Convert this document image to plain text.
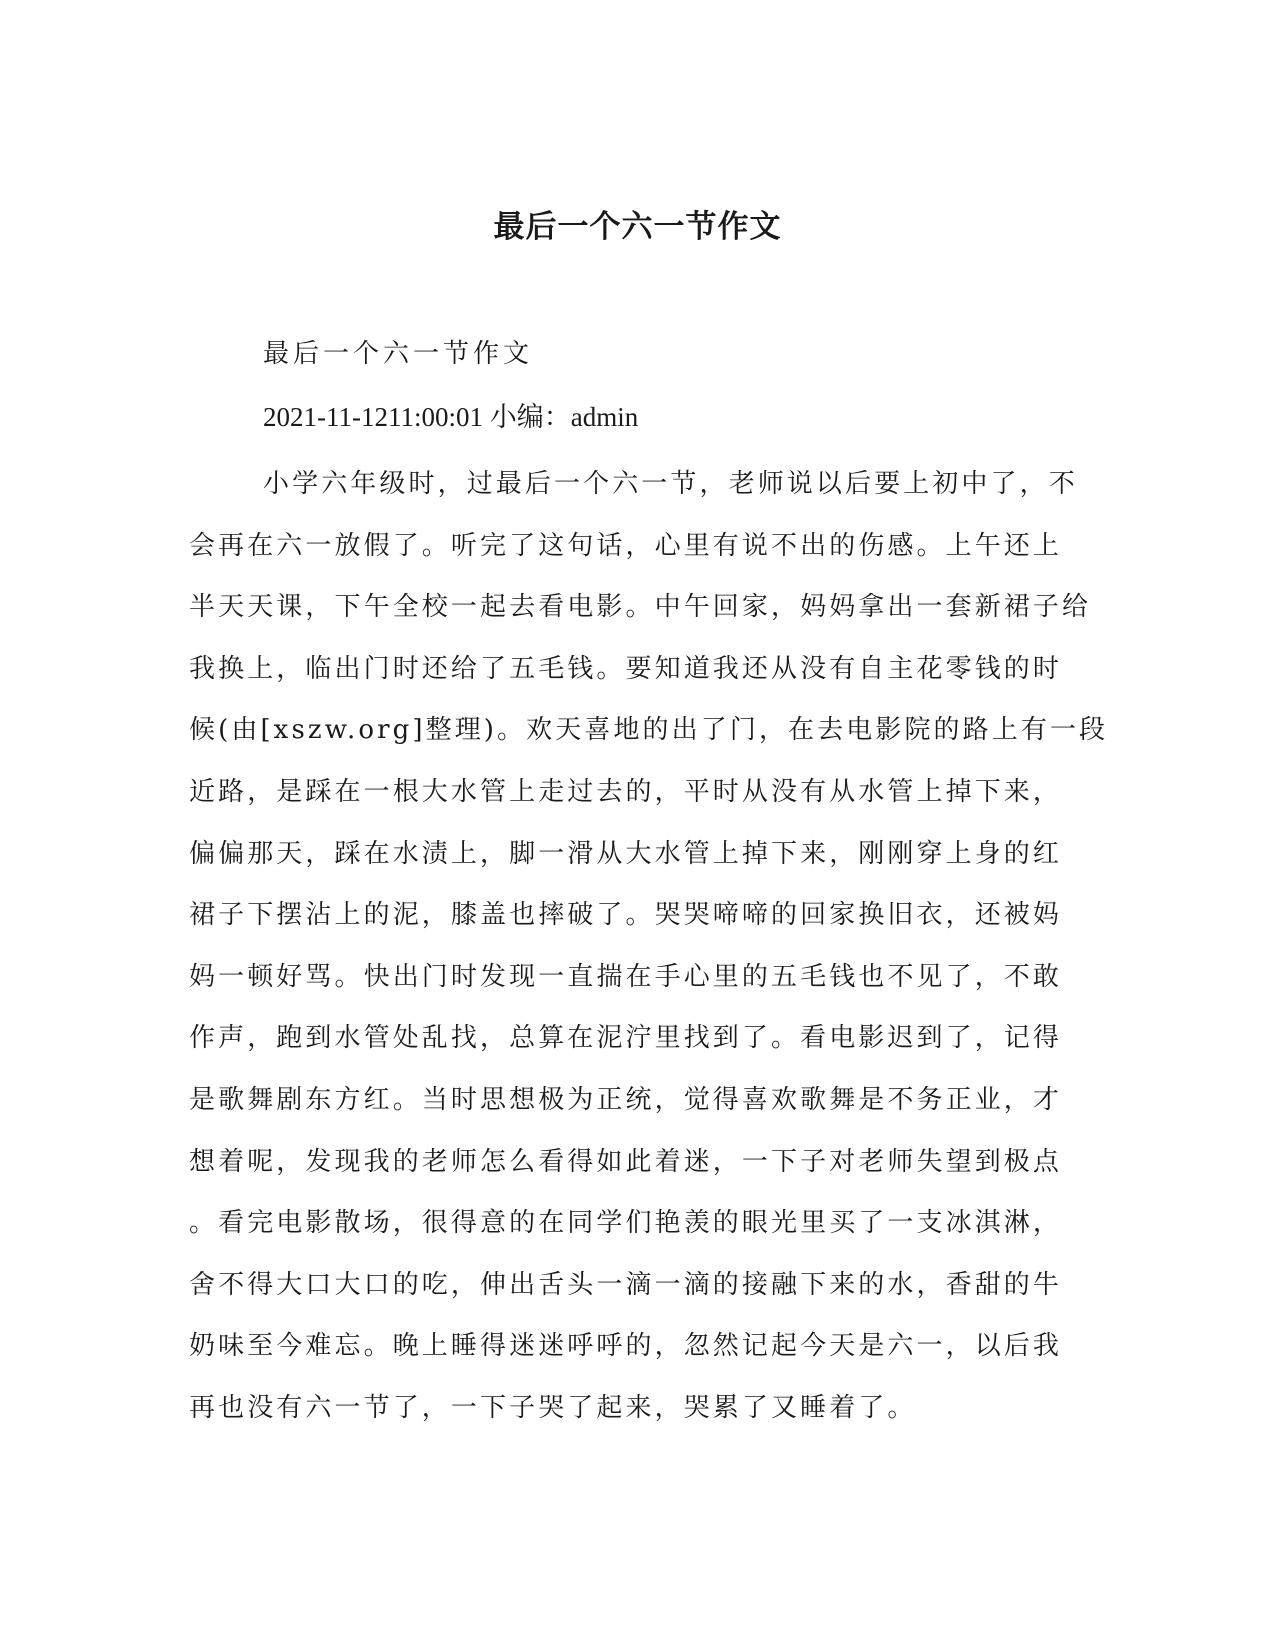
最后一个六一节作文
最后一个六一节作文
2021-11-1211:00:01 小编：admin
小学六年级时，过最后一个六一节，老师说以后要上初中了，不
会再在六一放假了。听完了这句话，心里有说不出的伤感。上午还上
半天天课，下午全校一起去看电影。中午回家，妈妈拿出一套新裙子给
我换上，临出门时还给了五毛钱。要知道我还从没有自主花零钱的时
候(由[xszw.org]整理)。欢天喜地的出了门，在去电影院的路上有一段
近路，是踩在一根大水管上走过去的，平时从没有从水管上掉下来，
偏偏那天，踩在水渍上，脚一滑从大水管上掉下来，刚刚穿上身的红
裙子下摆沾上的泥，膝盖也摔破了。哭哭啼啼的回家换旧衣，还被妈
妈一顿好骂。快出门时发现一直揣在手心里的五毛钱也不见了，不敢
作声，跑到水管处乱找，总算在泥泞里找到了。看电影迟到了，记得
是歌舞剧东方红。当时思想极为正统，觉得喜欢歌舞是不务正业，才
想着呢，发现我的老师怎么看得如此着迷，一下子对老师失望到极点
。看完电影散场，很得意的在同学们艳羡的眼光里买了一支冰淇淋，
舍不得大口大口的吃，伸出舌头一滴一滴的接融下来的水，香甜的牛
奶味至今难忘。晚上睡得迷迷呼呼的，忽然记起今天是六一，以后我
再也没有六一节了，一下子哭了起来，哭累了又睡着了。
